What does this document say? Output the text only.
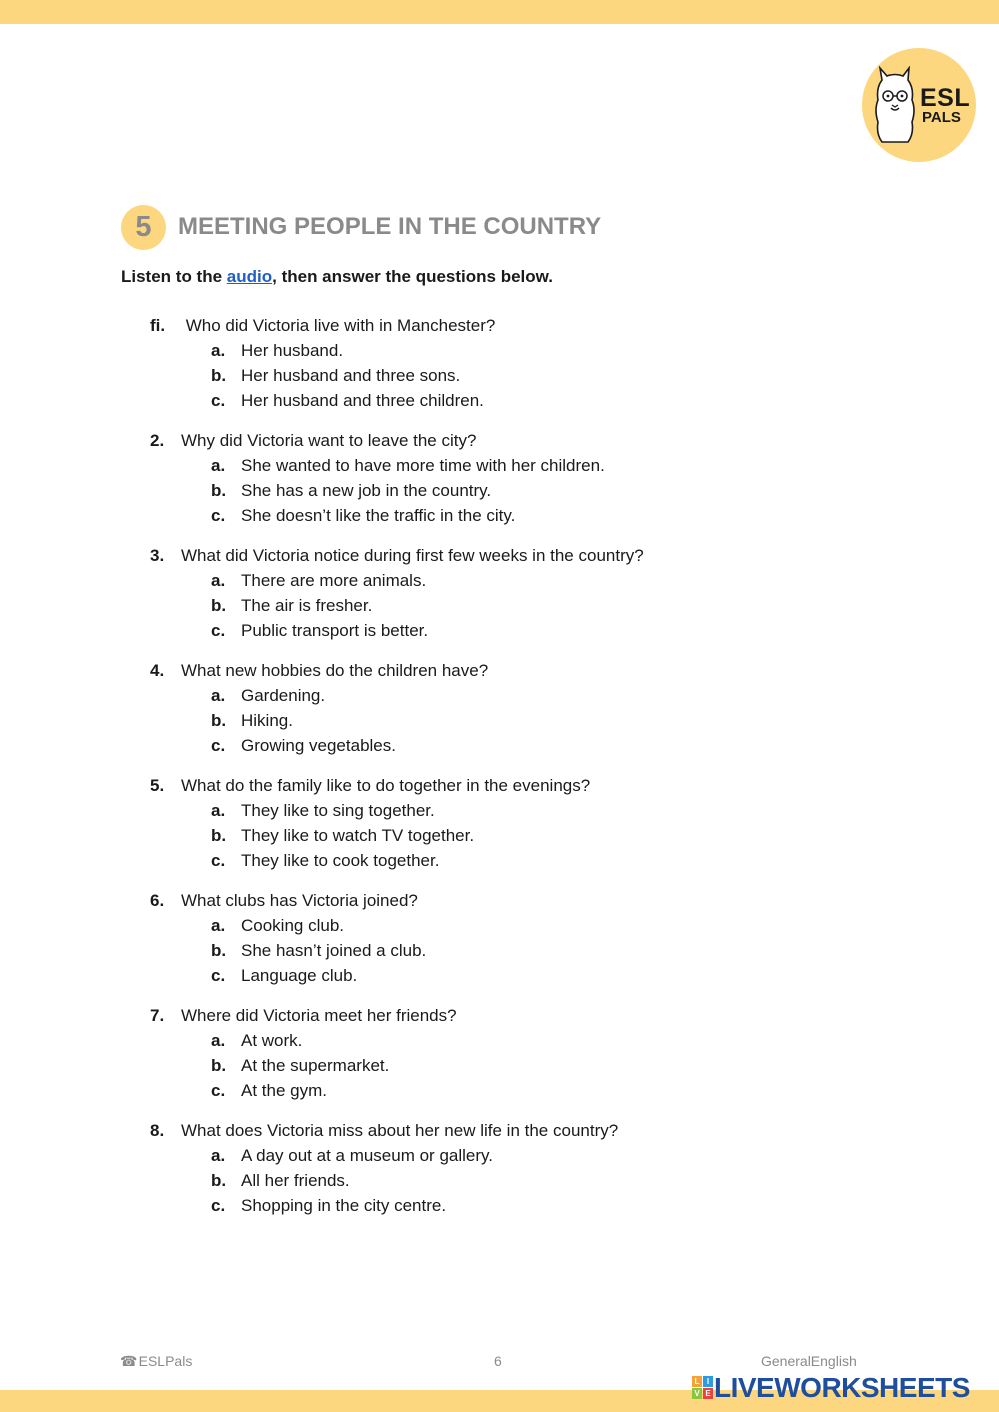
ESL
PALS
5	MEETING PEOPLE IN THE COUNTRY
Listen to the audio, then answer the questions below.
fi. Who did Victoria live with in Manchester?
a. Her husband.
b. Her husband and three sons.
c. Her husband and three children.
2. Why did Victoria want to leave the city?
a. She wanted to have more time with her children.
b. She has a new job in the country.
c. She doesn’t like the traffic in the city.
3. What did Victoria notice during first few weeks in the country?
a. There are more animals.
b. The air is fresher.
c. Public transport is better.
4. What new hobbies do the children have?
a. Gardening.
b. Hiking.
c. Growing vegetables.
5. What do the family like to do together in the evenings?
a. They like to sing together.
b. They like to watch TV together.
c. They like to cook together.
6. What clubs has Victoria joined?
a. Cooking club.
b. She hasn’t joined a club.
c. Language club.
7. Where did Victoria meet her friends?
a. At work.
b. At the supermarket.
c. At the gym.
8. What does Victoria miss about her new life in the country?
a. A day out at a museum or gallery.
b. All her friends.
c. Shopping in the city centre.
☎ ESLPals	6	GeneralEnglish
L I
V E LIVEWORKSHEETS
